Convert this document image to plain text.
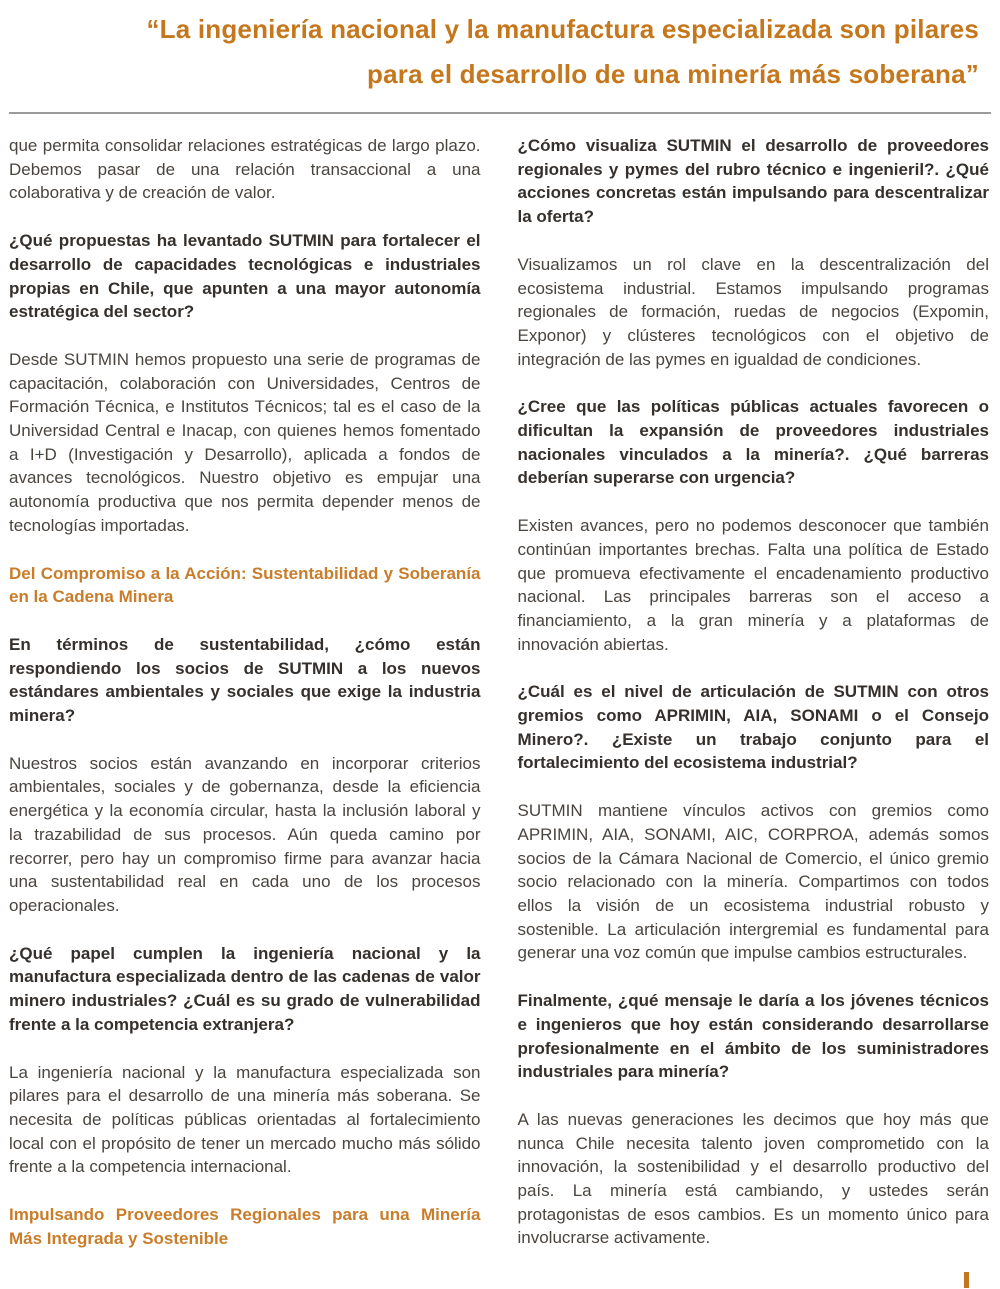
“La ingeniería nacional y la manufactura especializada son pilares
para el desarrollo de una minería más soberana”

que permita consolidar relaciones estratégicas de largo plazo. Debemos pasar de una relación transaccional a una colaborativa y de creación de valor.

¿Qué propuestas ha levantado SUTMIN para fortalecer el desarrollo de capacidades tecnológicas e industriales propias en Chile, que apunten a una mayor autonomía estratégica del sector?

Desde SUTMIN hemos propuesto una serie de programas de capacitación, colaboración con Universidades, Centros de Formación Técnica, e Institutos Técnicos; tal es el caso de la Universidad Central e Inacap, con quienes hemos fomentado a I+D (Investigación y Desarrollo), aplicada a fondos de avances tecnológicos. Nuestro objetivo es empujar una autonomía productiva que nos permita depender menos de tecnologías importadas.

Del Compromiso a la Acción: Sustentabilidad y Soberanía en la Cadena Minera

En términos de sustentabilidad, ¿cómo están respondiendo los socios de SUTMIN a los nuevos estándares ambientales y sociales que exige la industria minera?

Nuestros socios están avanzando en incorporar criterios ambientales, sociales y de gobernanza, desde la eficiencia energética y la economía circular, hasta la inclusión laboral y la trazabilidad de sus procesos. Aún queda camino por recorrer, pero hay un compromiso firme para avanzar hacia una sustentabilidad real en cada uno de los procesos operacionales.

¿Qué papel cumplen la ingeniería nacional y la manufactura especializada dentro de las cadenas de valor minero industriales? ¿Cuál es su grado de vulnerabilidad frente a la competencia extranjera?

La ingeniería nacional y la manufactura especializada son pilares para el desarrollo de una minería más soberana. Se necesita de políticas públicas orientadas al fortalecimiento local con el propósito de tener un mercado mucho más sólido frente a la competencia internacional.

Impulsando Proveedores Regionales para una Minería Más Integrada y Sostenible

¿Cómo visualiza SUTMIN el desarrollo de proveedores regionales y pymes del rubro técnico e ingenieril?. ¿Qué acciones concretas están impulsando para descentralizar la oferta?

Visualizamos un rol clave en la descentralización del ecosistema industrial. Estamos impulsando programas regionales de formación, ruedas de negocios (Expomin, Exponor) y clústeres tecnológicos con el objetivo de integración de las pymes en igualdad de condiciones.

¿Cree que las políticas públicas actuales favorecen o dificultan la expansión de proveedores industriales nacionales vinculados a la minería?. ¿Qué barreras deberían superarse con urgencia?

Existen avances, pero no podemos desconocer que también continúan importantes brechas. Falta una política de Estado que promueva efectivamente el encadenamiento productivo nacional. Las principales barreras son el acceso a financiamiento, a la gran minería y a plataformas de innovación abiertas.

¿Cuál es el nivel de articulación de SUTMIN con otros gremios como APRIMIN, AIA, SONAMI o el Consejo Minero?. ¿Existe un trabajo conjunto para el fortalecimiento del ecosistema industrial?

SUTMIN mantiene vínculos activos con gremios como APRIMIN, AIA, SONAMI, AIC, CORPROA, además somos socios de la Cámara Nacional de Comercio, el único gremio socio relacionado con la minería. Compartimos con todos ellos la visión de un ecosistema industrial robusto y sostenible. La articulación intergremial es fundamental para generar una voz común que impulse cambios estructurales.

Finalmente, ¿qué mensaje le daría a los jóvenes técnicos e ingenieros que hoy están considerando desarrollarse profesionalmente en el ámbito de los suministradores industriales para minería?

A las nuevas generaciones les decimos que hoy más que nunca Chile necesita talento joven comprometido con la innovación, la sostenibilidad y el desarrollo productivo del país. La minería está cambiando, y ustedes serán protagonistas de esos cambios. Es un momento único para involucrarse activamente.
